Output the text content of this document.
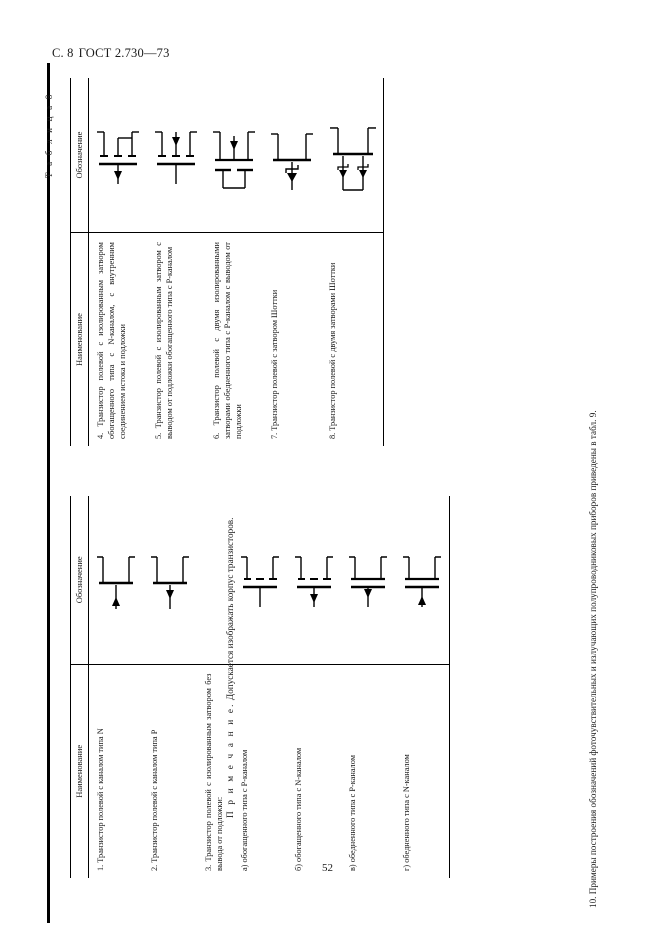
С. 8 ГОСТ 2.730—73
Т а б л и ц а 8
Наименование	Обозначение
1. Транзистор полевой с каналом типа N	

2. Транзистор полевой с каналом типа P	

3. Транзистор полевой с изолированным затвором без вывода от подложки:	
а) обогащенного типа с P-каналом	

б) обогащенного типа с N-каналом	

в) обедненного типа с P-каналом	

г) обедненного типа с N-каналом	
Наименование	Обозначение
4. Транзистор полевой с изолированным затвором обогащенного типа с N-каналом, с внутренним соединением истока и подложки	

5. Транзистор полевой с изолированным затвором с выводом от подложки обогащенного типа с P-каналом	

6. Транзистор полевой с двумя изолированными затворами обедненного типа с P-каналом с выводом от подложки	

7. Транзистор полевой с затвором Шоттки	

8. Транзистор полевой с двумя затворами Шоттки	
П р и м е ч а н и е. Допускается изображать корпус транзисторов.	10. Примеры построения обозначений фоточувствительных и излучающих полупроводниковых приборов приведены в табл. 9.
52
